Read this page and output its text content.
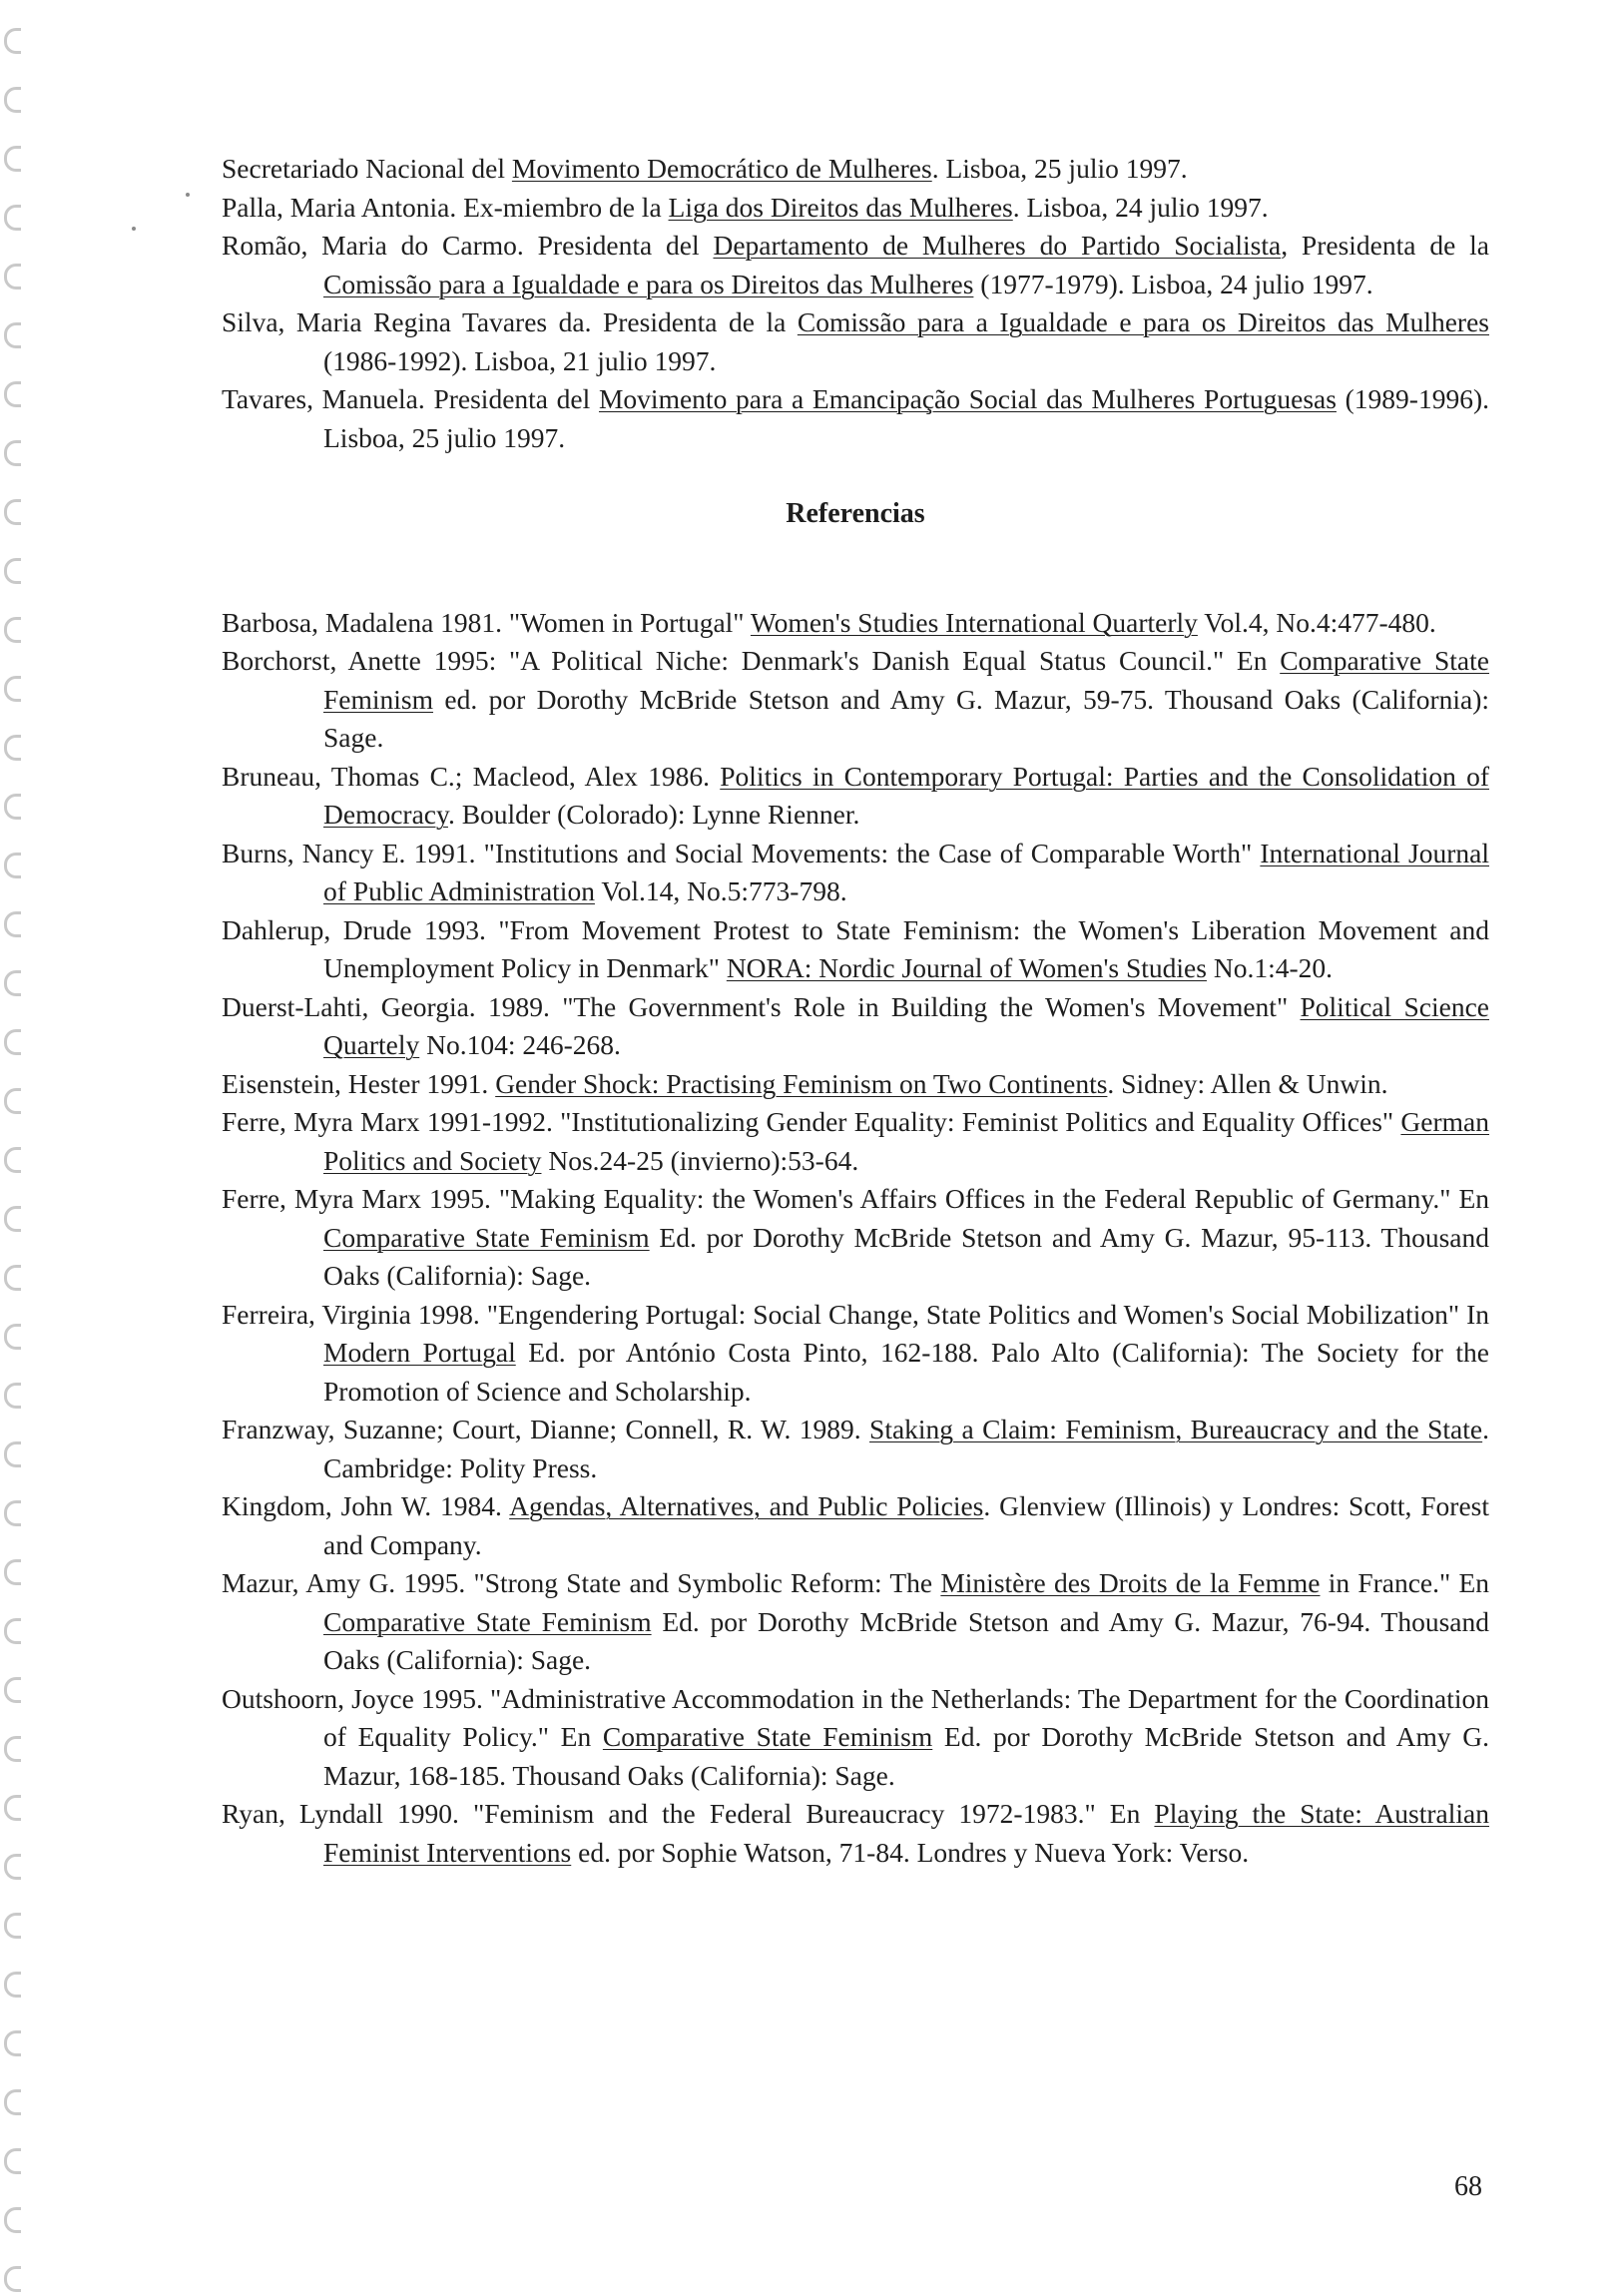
Secretariado Nacional del Movimento Democrático de Mulheres. Lisboa, 25 julio 1997.
Palla, Maria Antonia. Ex-miembro de la Liga dos Direitos das Mulheres. Lisboa, 24 julio 1997.
Romão, Maria do Carmo. Presidenta del Departamento de Mulheres do Partido Socialista, Presidenta de la Comissão para a Igualdade e para os Direitos das Mulheres (1977-1979). Lisboa, 24 julio 1997.
Silva, Maria Regina Tavares da. Presidenta de la Comissão para a Igualdade e para os Direitos das Mulheres (1986-1992). Lisboa, 21 julio 1997.
Tavares, Manuela. Presidenta del Movimento para a Emancipação Social das Mulheres Portuguesas (1989-1996). Lisboa, 25 julio 1997.
Referencias
Barbosa, Madalena 1981. "Women in Portugal" Women's Studies International Quarterly Vol.4, No.4:477-480.
Borchorst, Anette 1995: "A Political Niche: Denmark's Danish Equal Status Council." En Comparative State Feminism ed. por Dorothy McBride Stetson and Amy G. Mazur, 59-75. Thousand Oaks (California): Sage.
Bruneau, Thomas C.; Macleod, Alex 1986. Politics in Contemporary Portugal: Parties and the Consolidation of Democracy. Boulder (Colorado): Lynne Rienner.
Burns, Nancy E. 1991. "Institutions and Social Movements: the Case of Comparable Worth" International Journal of Public Administration Vol.14, No.5:773-798.
Dahlerup, Drude 1993. "From Movement Protest to State Feminism: the Women's Liberation Movement and Unemployment Policy in Denmark" NORA: Nordic Journal of Women's Studies No.1:4-20.
Duerst-Lahti, Georgia. 1989. "The Government's Role in Building the Women's Movement" Political Science Quartely No.104: 246-268.
Eisenstein, Hester 1991. Gender Shock: Practising Feminism on Two Continents. Sidney: Allen & Unwin.
Ferre, Myra Marx 1991-1992. "Institutionalizing Gender Equality: Feminist Politics and Equality Offices" German Politics and Society Nos.24-25 (invierno):53-64.
Ferre, Myra Marx 1995. "Making Equality: the Women's Affairs Offices in the Federal Republic of Germany." En Comparative State Feminism Ed. por Dorothy McBride Stetson and Amy G. Mazur, 95-113. Thousand Oaks (California): Sage.
Ferreira, Virginia 1998. "Engendering Portugal: Social Change, State Politics and Women's Social Mobilization" In Modern Portugal Ed. por António Costa Pinto, 162-188. Palo Alto (California): The Society for the Promotion of Science and Scholarship.
Franzway, Suzanne; Court, Dianne; Connell, R. W. 1989. Staking a Claim: Feminism, Bureaucracy and the State. Cambridge: Polity Press.
Kingdom, John W. 1984. Agendas, Alternatives, and Public Policies. Glenview (Illinois) y Londres: Scott, Forest and Company.
Mazur, Amy G. 1995. "Strong State and Symbolic Reform: The Ministère des Droits de la Femme in France." En Comparative State Feminism Ed. por Dorothy McBride Stetson and Amy G. Mazur, 76-94. Thousand Oaks (California): Sage.
Outshoorn, Joyce 1995. "Administrative Accommodation in the Netherlands: The Department for the Coordination of Equality Policy." En Comparative State Feminism Ed. por Dorothy McBride Stetson and Amy G. Mazur, 168-185. Thousand Oaks (California): Sage.
Ryan, Lyndall 1990. "Feminism and the Federal Bureaucracy 1972-1983." En Playing the State: Australian Feminist Interventions ed. por Sophie Watson, 71-84. Londres y Nueva York: Verso.
68
